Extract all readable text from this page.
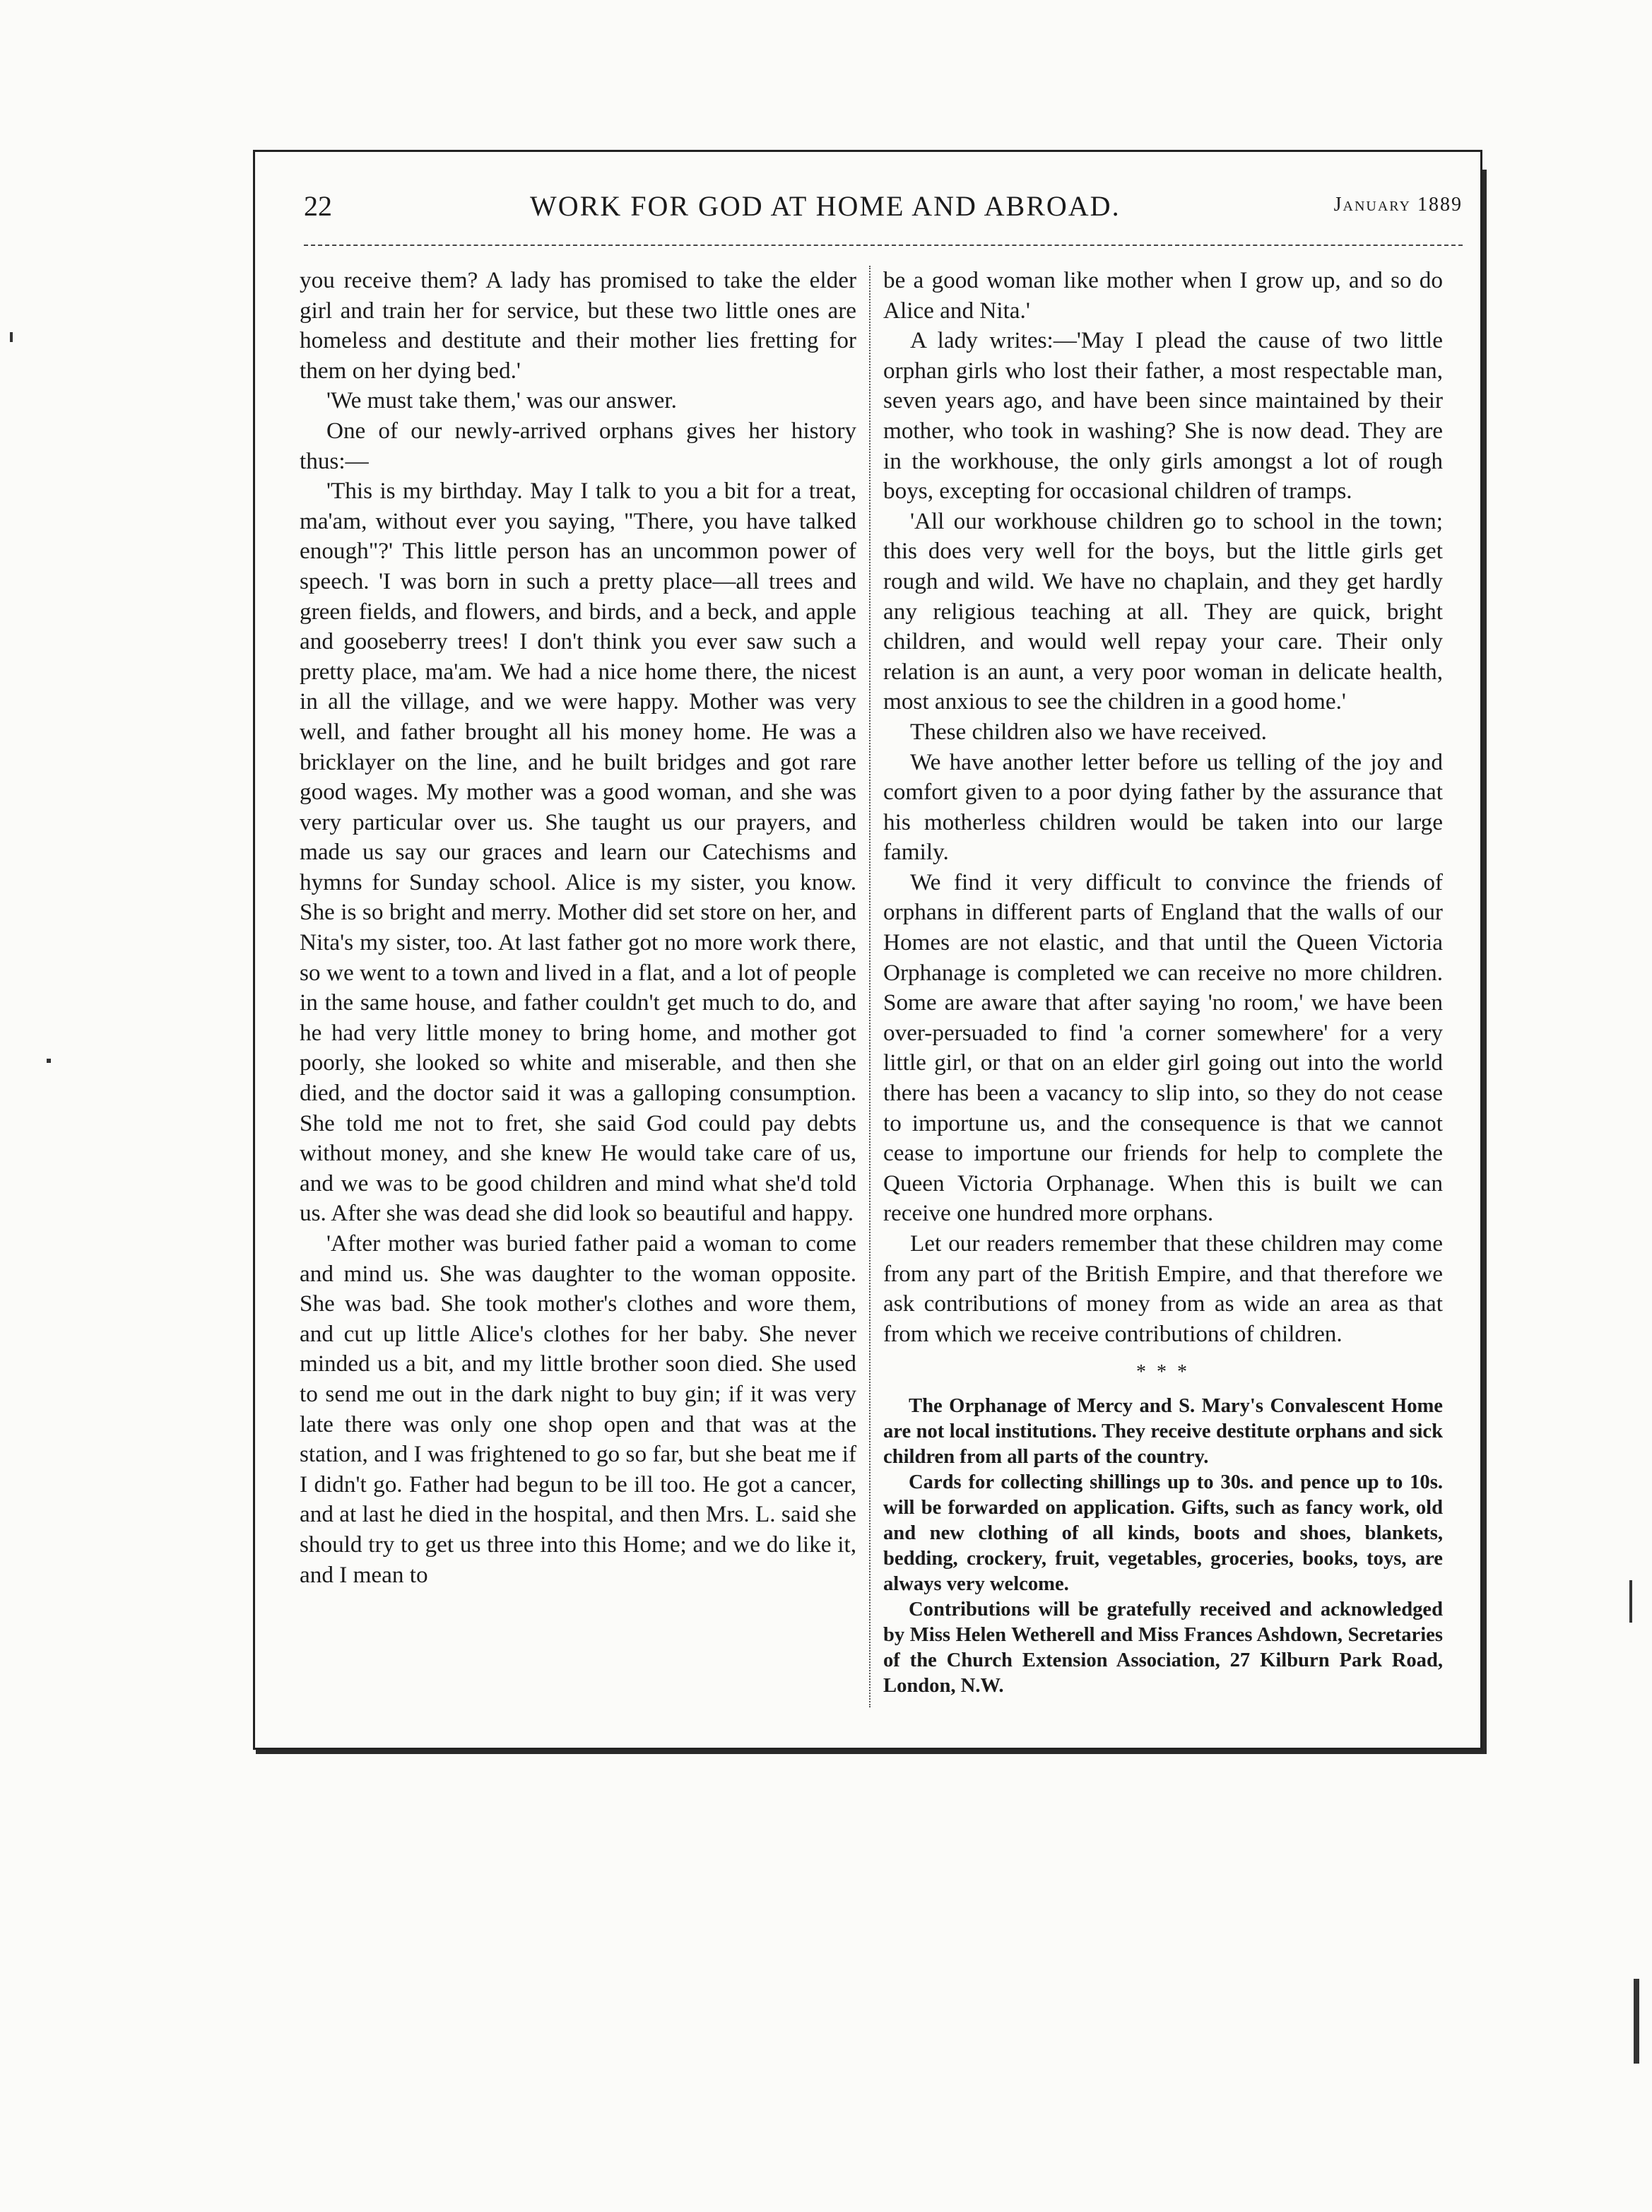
22	WORK FOR GOD AT HOME AND ABROAD.	January 1889

you receive them? A lady has promised to take the elder girl and train her for service, but these two little ones are homeless and destitute and their mother lies fretting for them on her dying bed.'

'We must take them,' was our answer.

One of our newly-arrived orphans gives her history thus:—

'This is my birthday. May I talk to you a bit for a treat, ma'am, without ever you saying, "There, you have talked enough"?' This little person has an uncommon power of speech. 'I was born in such a pretty place—all trees and green fields, and flowers, and birds, and a beck, and apple and gooseberry trees! I don't think you ever saw such a pretty place, ma'am. We had a nice home there, the nicest in all the village, and we were happy. Mother was very well, and father brought all his money home. He was a bricklayer on the line, and he built bridges and got rare good wages. My mother was a good woman, and she was very particular over us. She taught us our prayers, and made us say our graces and learn our Catechisms and hymns for Sunday school. Alice is my sister, you know. She is so bright and merry. Mother did set store on her, and Nita's my sister, too. At last father got no more work there, so we went to a town and lived in a flat, and a lot of people in the same house, and father couldn't get much to do, and he had very little money to bring home, and mother got poorly, she looked so white and miserable, and then she died, and the doctor said it was a galloping consumption. She told me not to fret, she said God could pay debts without money, and she knew He would take care of us, and we was to be good children and mind what she'd told us. After she was dead she did look so beautiful and happy.

'After mother was buried father paid a woman to come and mind us. She was daughter to the woman opposite. She was bad. She took mother's clothes and wore them, and cut up little Alice's clothes for her baby. She never minded us a bit, and my little brother soon died. She used to send me out in the dark night to buy gin; if it was very late there was only one shop open and that was at the station, and I was frightened to go so far, but she beat me if I didn't go. Father had begun to be ill too. He got a cancer, and at last he died in the hospital, and then Mrs. L. said she should try to get us three into this Home; and we do like it, and I mean to

be a good woman like mother when I grow up, and so do Alice and Nita.'

A lady writes:—'May I plead the cause of two little orphan girls who lost their father, a most respectable man, seven years ago, and have been since maintained by their mother, who took in washing? She is now dead. They are in the workhouse, the only girls amongst a lot of rough boys, excepting for occasional children of tramps.

'All our workhouse children go to school in the town; this does very well for the boys, but the little girls get rough and wild. We have no chaplain, and they get hardly any religious teaching at all. They are quick, bright children, and would well repay your care. Their only relation is an aunt, a very poor woman in delicate health, most anxious to see the children in a good home.'

These children also we have received.

We have another letter before us telling of the joy and comfort given to a poor dying father by the assurance that his motherless children would be taken into our large family.

We find it very difficult to convince the friends of orphans in different parts of England that the walls of our Homes are not elastic, and that until the Queen Victoria Orphanage is completed we can receive no more children. Some are aware that after saying 'no room,' we have been over-persuaded to find 'a corner somewhere' for a very little girl, or that on an elder girl going out into the world there has been a vacancy to slip into, so they do not cease to importune us, and the consequence is that we cannot cease to importune our friends for help to complete the Queen Victoria Orphanage. When this is built we can receive one hundred more orphans.

Let our readers remember that these children may come from any part of the British Empire, and that therefore we ask contributions of money from as wide an area as that from which we receive contributions of children.

* * *

The Orphanage of Mercy and S. Mary's Convalescent Home are not local institutions. They receive destitute orphans and sick children from all parts of the country.

Cards for collecting shillings up to 30s. and pence up to 10s. will be forwarded on application. Gifts, such as fancy work, old and new clothing of all kinds, boots and shoes, blankets, bedding, crockery, fruit, vegetables, groceries, books, toys, are always very welcome.

Contributions will be gratefully received and acknowledged by Miss Helen Wetherell and Miss Frances Ashdown, Secretaries of the Church Extension Association, 27 Kilburn Park Road, London, N.W.
